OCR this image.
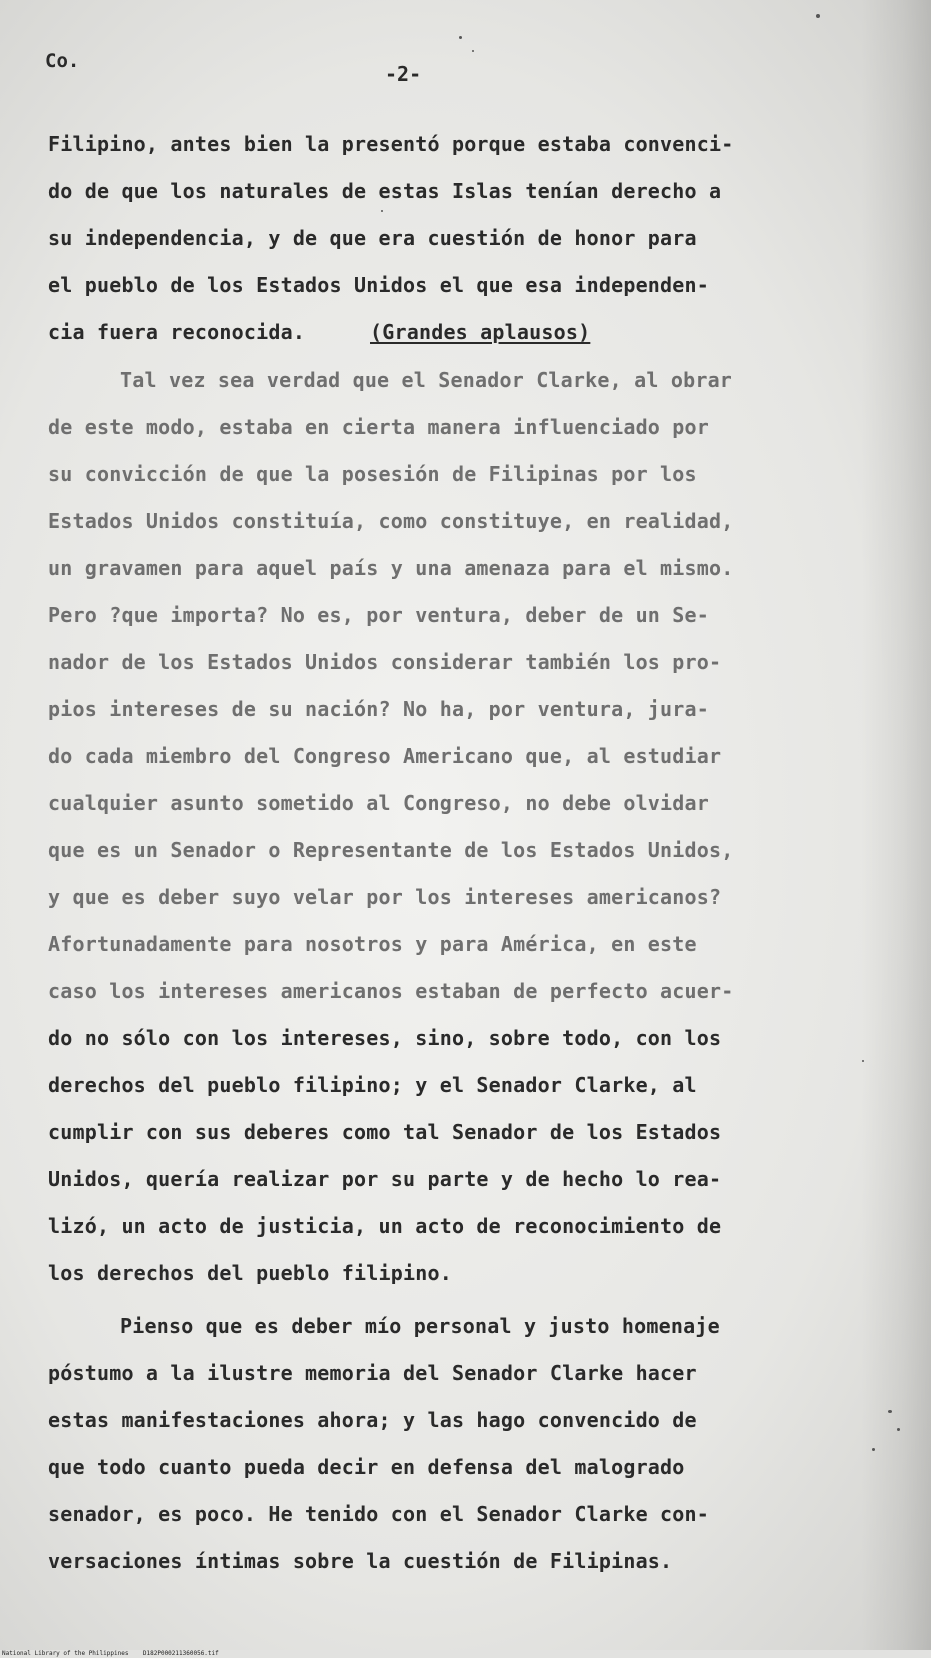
Co.
-2-
Filipino, antes bien la presentó porque estaba convenci-
do de que los naturales de estas Islas tenían derecho a
su independencia, y de que era cuestión de honor para
el pueblo de los Estados Unidos el que esa independen-
cia fuera reconocida.	(Grandes aplausos)
Tal vez sea verdad que el Senador Clarke, al obrar
de este modo, estaba en cierta manera influenciado por
su convicción de que la posesión de Filipinas por los
Estados Unidos constituía, como constituye, en realidad,
un gravamen para aquel país y una amenaza para el mismo.
Pero ?que importa? No es, por ventura, deber de un Se-
nador de los Estados Unidos considerar también los pro-
pios intereses de su nación? No ha, por ventura, jura-
do cada miembro del Congreso Americano que, al estudiar
cualquier asunto sometido al Congreso, no debe olvidar
que es un Senador o Representante de los Estados Unidos,
y que es deber suyo velar por los intereses americanos?
Afortunadamente para nosotros y para América, en este
caso los intereses americanos estaban de perfecto acuer-
do no sólo con los intereses, sino, sobre todo, con los
derechos del pueblo filipino; y el Senador Clarke, al
cumplir con sus deberes como tal Senador de los Estados
Unidos, quería realizar por su parte y de hecho lo rea-
lizó, un acto de justicia, un acto de reconocimiento de
los derechos del pueblo filipino.
Pienso que es deber mío personal y justo homenaje
póstumo a la ilustre memoria del Senador Clarke hacer
estas manifestaciones ahora; y las hago convencido de
que todo cuanto pueda decir en defensa del malogrado
senador, es poco. He tenido con el Senador Clarke con-
versaciones íntimas sobre la cuestión de Filipinas.
National Library of the Philippines D182P000211360056.tif
